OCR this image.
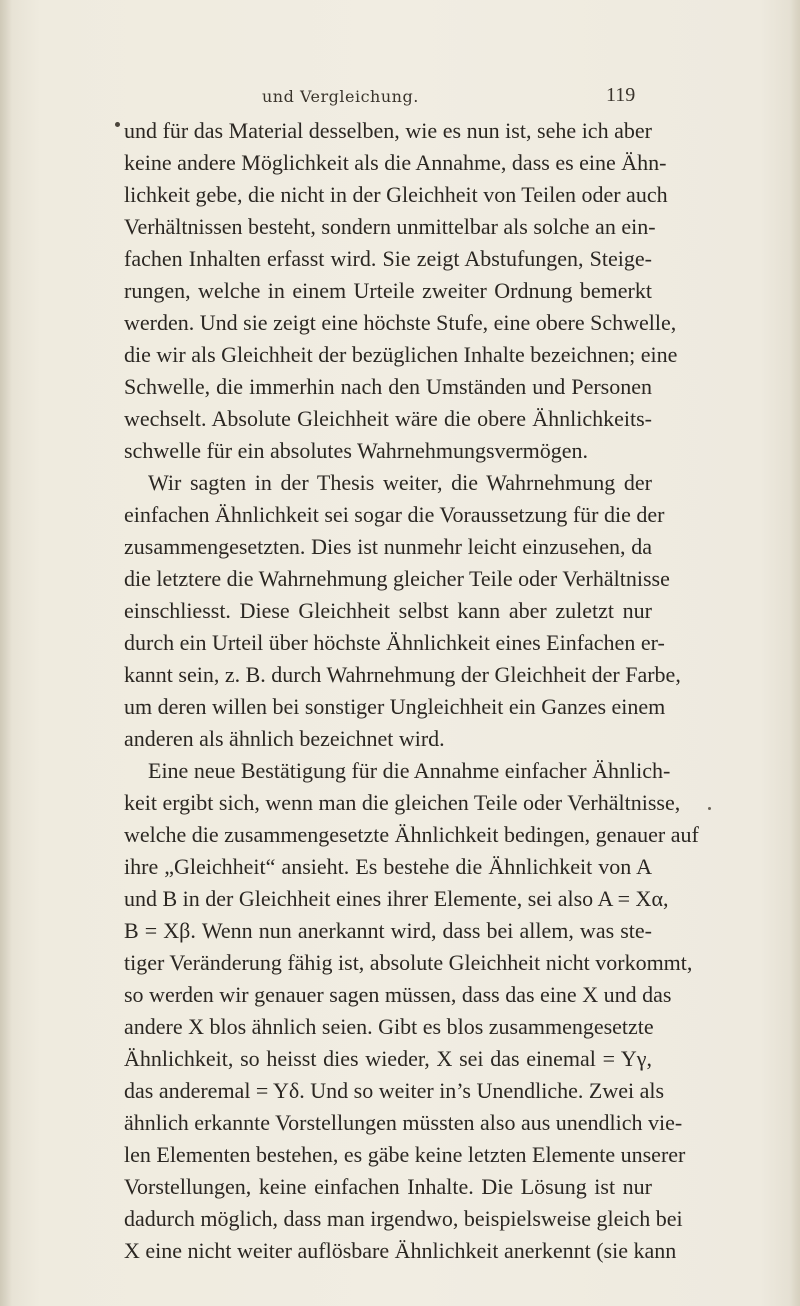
und Vergleichung.	119
und für das Material desselben, wie es nun ist, sehe ich aber
keine andere Möglichkeit als die Annahme, dass es eine Ähn-
lichkeit gebe, die nicht in der Gleichheit von Teilen oder auch
Verhältnissen besteht, sondern unmittelbar als solche an ein-
fachen Inhalten erfasst wird. Sie zeigt Abstufungen, Steige-
rungen, welche in einem Urteile zweiter Ordnung bemerkt
werden. Und sie zeigt eine höchste Stufe, eine obere Schwelle,
die wir als Gleichheit der bezüglichen Inhalte bezeichnen; eine
Schwelle, die immerhin nach den Umständen und Personen
wechselt. Absolute Gleichheit wäre die obere Ähnlichkeits-
schwelle für ein absolutes Wahrnehmungsvermögen.
Wir sagten in der Thesis weiter, die Wahrnehmung der
einfachen Ähnlichkeit sei sogar die Voraussetzung für die der
zusammengesetzten. Dies ist nunmehr leicht einzusehen, da
die letztere die Wahrnehmung gleicher Teile oder Verhältnisse
einschliesst. Diese Gleichheit selbst kann aber zuletzt nur
durch ein Urteil über höchste Ähnlichkeit eines Einfachen er-
kannt sein, z. B. durch Wahrnehmung der Gleichheit der Farbe,
um deren willen bei sonstiger Ungleichheit ein Ganzes einem
anderen als ähnlich bezeichnet wird.
Eine neue Bestätigung für die Annahme einfacher Ähnlich-
keit ergibt sich, wenn man die gleichen Teile oder Verhältnisse,
welche die zusammengesetzte Ähnlichkeit bedingen, genauer auf
ihre „Gleichheit“ ansieht. Es bestehe die Ähnlichkeit von A
und B in der Gleichheit eines ihrer Elemente, sei also A = Xα,
B = Xβ. Wenn nun anerkannt wird, dass bei allem, was ste-
tiger Veränderung fähig ist, absolute Gleichheit nicht vorkommt,
so werden wir genauer sagen müssen, dass das eine X und das
andere X blos ähnlich seien. Gibt es blos zusammengesetzte
Ähnlichkeit, so heisst dies wieder, X sei das einemal = Yγ,
das anderemal = Yδ. Und so weiter in’s Unendliche. Zwei als
ähnlich erkannte Vorstellungen müssten also aus unendlich vie-
len Elementen bestehen, es gäbe keine letzten Elemente unserer
Vorstellungen, keine einfachen Inhalte. Die Lösung ist nur
dadurch möglich, dass man irgendwo, beispielsweise gleich bei
X eine nicht weiter auflösbare Ähnlichkeit anerkennt (sie kann
